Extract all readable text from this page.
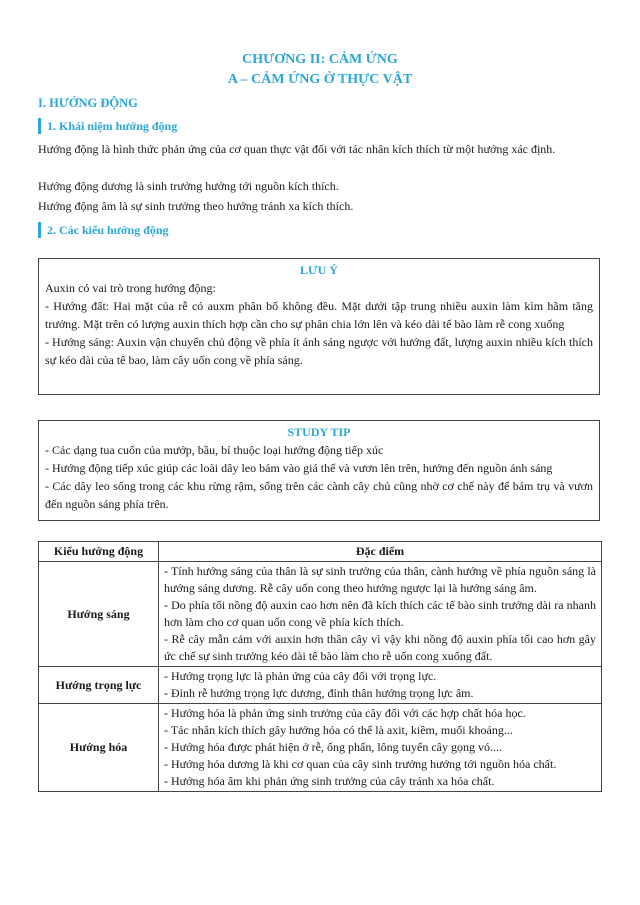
CHƯƠNG II: CẢM ỨNG
A – CẢM ỨNG Ở THỰC VẬT
I. HƯỚNG ĐỘNG
1. Khái niệm hướng động
Hướng động là hình thức phản ứng của cơ quan thực vật đối với tác nhân kích thích từ một hướng xác định.
Hướng động dương là sinh trưởng hướng tới nguồn kích thích.
Hướng động âm là sự sinh trưởng theo hướng tránh xa kích thích.
2. Các kiểu hướng động
LƯU Ý
Auxin có vai trò trong hướng động:
- Hướng đất: Hai mặt của rễ có auxm phân bố không đều. Mặt dưới tập trung nhiều auxin làm kìm hãm tăng trưởng. Mặt trên có lượng auxin thích hợp cần cho sự phân chia lớn lên và kéo dài tế bào làm rễ cong xuống
- Hướng sáng: Auxin vận chuyển chủ động về phía ít ánh sáng ngược với hướng đất, lượng auxin nhiều kích thích sự kéo dài của tế bao, làm cây uốn cong về phía sáng.
STUDY TIP
- Các dạng tua cuốn của mướp, bầu, bí thuộc loại hướng động tiếp xúc
- Hướng động tiếp xúc giúp các loài dây leo bám vào giá thể và vươn lên trên, hướng đến nguồn ánh sáng
- Các dây leo sống trong các khu rừng rậm, sống trên các cành cây chủ cũng nhờ cơ chế này để bám trụ và vươn đến nguồn sáng phía trên.
Kiểu hướng động	Đặc điểm
Hướng sáng	- Tính hướng sáng của thân là sự sinh trưởng của thân, cành hướng về phía nguồn sáng là hướng sáng dương. Rễ cây uốn cong theo hướng ngược lại là hướng sáng âm.
- Do phía tối nồng độ auxin cao hơn nên đã kích thích các tế bào sinh trưởng dài ra nhanh hơn làm cho cơ quan uốn cong về phía kích thích.
- Rễ cây mẫn cảm với auxin hơn thân cây vì vậy khi nồng độ auxin phía tối cao hơn gây ức chế sự sinh trưởng kéo dài tế bào làm cho rễ uốn cong xuống đất.

Hướng trọng lực	- Hướng trọng lực là phản ứng của cây đối với trọng lực.
- Đỉnh rễ hướng trọng lực dương, đỉnh thân hướng trọng lực âm.

Hướng hóa	- Hướng hóa là phản ứng sinh trưởng của cây đối với các hợp chất hóa học.
- Tác nhân kích thích gây hướng hóa có thể là axit, kiềm, muối khoáng...
- Hướng hóa được phát hiện ở rễ, ống phấn, lông tuyến cây gọng vó....
- Hướng hóa dương là khi cơ quan của cây sinh trưởng hướng tới nguồn hóa chất.
- Hướng hóa âm khi phản ứng sinh trưởng của cây tránh xa hóa chất.
